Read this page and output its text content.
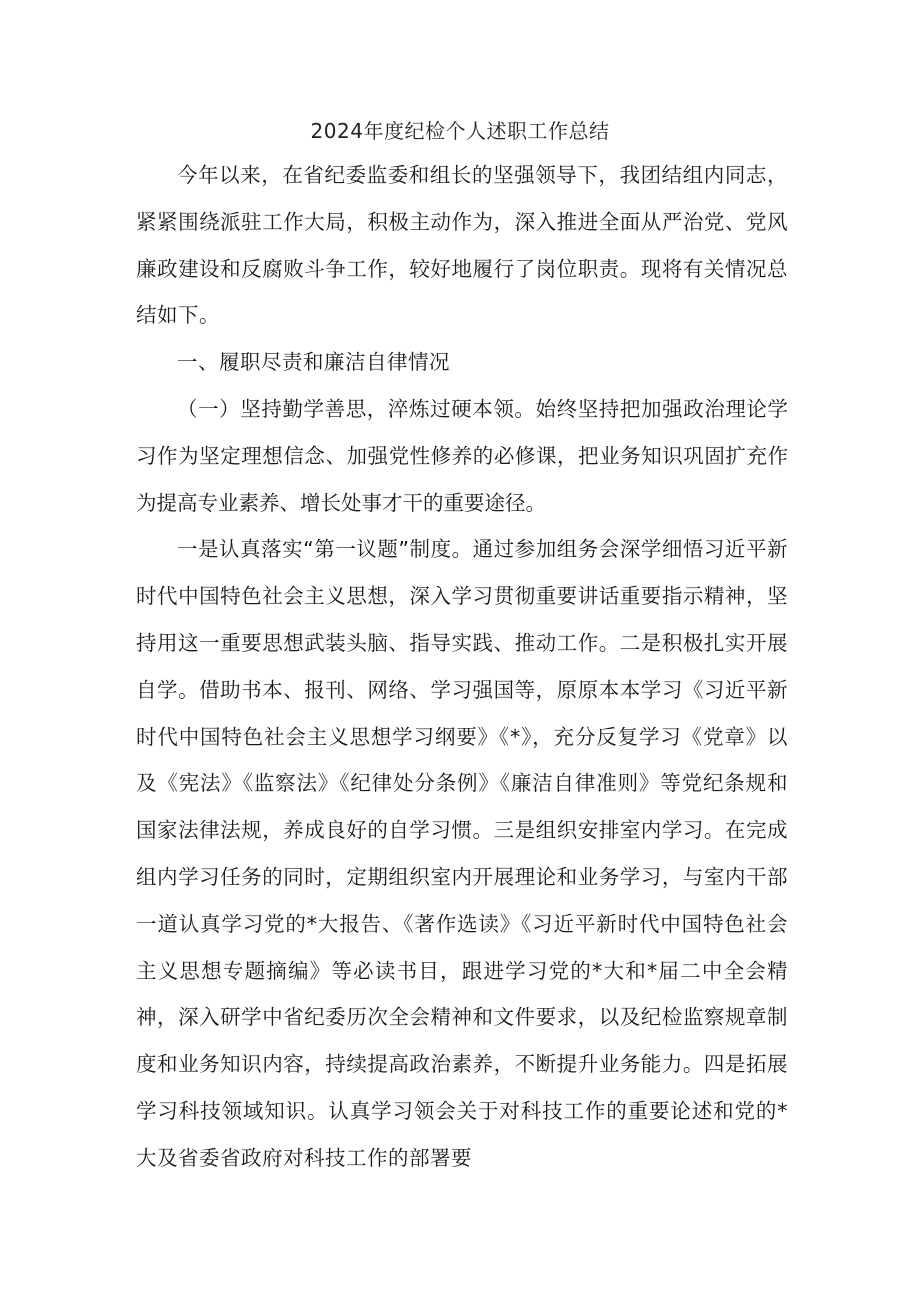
2024年度纪检个人述职工作总结

今年以来，在省纪委监委和组长的坚强领导下，我团结组内同志，紧紧围绕派驻工作大局，积极主动作为，深入推进全面从严治党、党风廉政建设和反腐败斗争工作，较好地履行了岗位职责。现将有关情况总结如下。

一、履职尽责和廉洁自律情况

（一）坚持勤学善思，淬炼过硬本领。始终坚持把加强政治理论学习作为坚定理想信念、加强党性修养的必修课，把业务知识巩固扩充作为提高专业素养、增长处事才干的重要途径。

一是认真落实“第一议题”制度。通过参加组务会深学细悟习近平新时代中国特色社会主义思想，深入学习贯彻重要讲话重要指示精神，坚持用这一重要思想武装头脑、指导实践、推动工作。二是积极扎实开展自学。借助书本、报刊、网络、学习强国等，原原本本学习《习近平新时代中国特色社会主义思想学习纲要》《*》，充分反复学习《党章》以及《宪法》《监察法》《纪律处分条例》《廉洁自律准则》等党纪条规和国家法律法规，养成良好的自学习惯。三是组织安排室内学习。在完成组内学习任务的同时，定期组织室内开展理论和业务学习，与室内干部一道认真学习党的*大报告、《著作选读》《习近平新时代中国特色社会主义思想专题摘编》等必读书目，跟进学习党的*大和*届二中全会精神，深入研学中省纪委历次全会精神和文件要求，以及纪检监察规章制度和业务知识内容，持续提高政治素养，不断提升业务能力。四是拓展学习科技领域知识。认真学习领会关于对科技工作的重要论述和党的*大及省委省政府对科技工作的部署要
